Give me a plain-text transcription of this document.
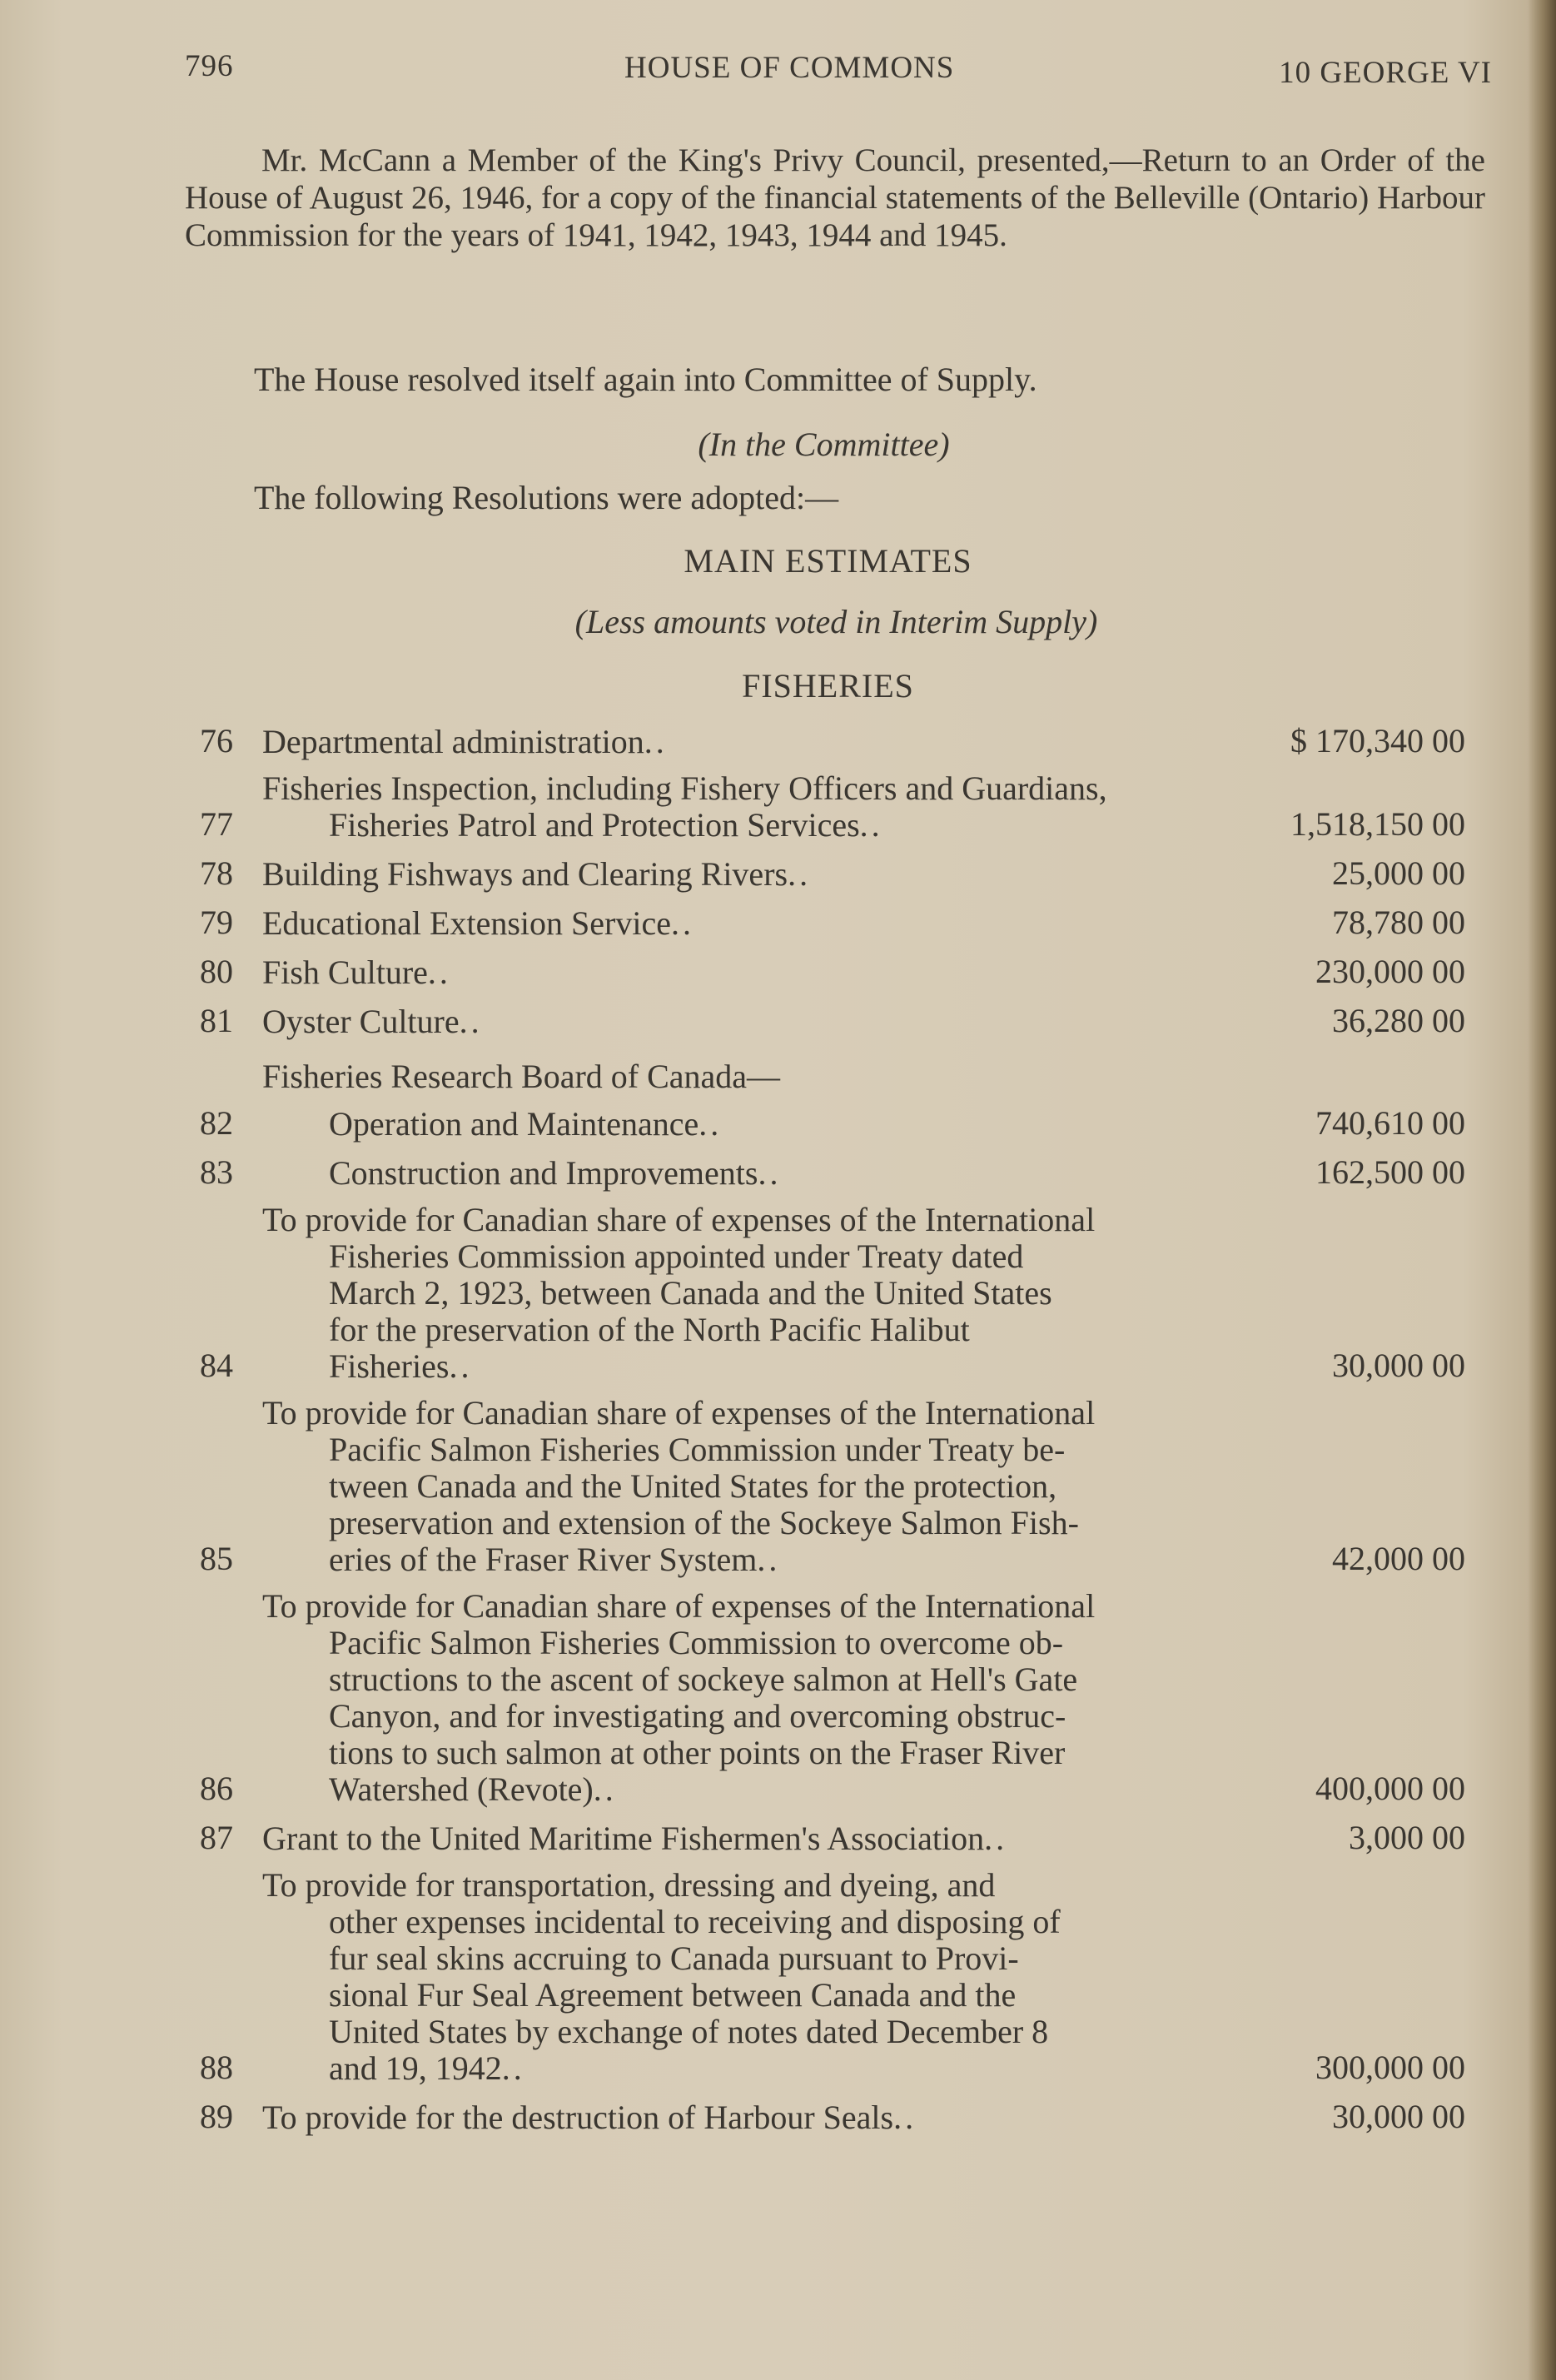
796	HOUSE OF COMMONS	10 GEORGE VI
Mr. McCann a Member of the King's Privy Council, presented,—Return to an Order of the House of August 26, 1946, for a copy of the financial statements of the Belleville (Ontario) Harbour Commission for the years of 1941, 1942, 1943, 1944 and 1945.
The House resolved itself again into Committee of Supply.
(In the Committee)
The following Resolutions were adopted:—
MAIN ESTIMATES
(Less amounts voted in Interim Supply)
FISHERIES
76 Departmental administration..	$ 170,340 00
77
Fisheries Inspection, including Fishery Officers and Guardians,
Fisheries Patrol and Protection Services..	1,518,150 00
78 Building Fishways and Clearing Rivers..	25,000 00
79 Educational Extension Service..	78,780 00
80 Fish Culture..	230,000 00
81 Oyster Culture..	36,280 00
Fisheries Research Board of Canada—
82	Operation and Maintenance..	740,610 00
83	Construction and Improvements..	162,500 00
84
To provide for Canadian share of expenses of the International
Fisheries Commission appointed under Treaty dated
March 2, 1923, between Canada and the United States
for the preservation of the North Pacific Halibut
Fisheries..	30,000 00
85
To provide for Canadian share of expenses of the International
Pacific Salmon Fisheries Commission under Treaty be-
tween Canada and the United States for the protection,
preservation and extension of the Sockeye Salmon Fish-
eries of the Fraser River System..	42,000 00
86
To provide for Canadian share of expenses of the International
Pacific Salmon Fisheries Commission to overcome ob-
structions to the ascent of sockeye salmon at Hell's Gate
Canyon, and for investigating and overcoming obstruc-
tions to such salmon at other points on the Fraser River
Watershed (Revote)..	400,000 00
87 Grant to the United Maritime Fishermen's Association..	3,000 00
88
To provide for transportation, dressing and dyeing, and
other expenses incidental to receiving and disposing of
fur seal skins accruing to Canada pursuant to Provi-
sional Fur Seal Agreement between Canada and the
United States by exchange of notes dated December 8
and 19, 1942..	300,000 00
89 To provide for the destruction of Harbour Seals..	30,000 00
